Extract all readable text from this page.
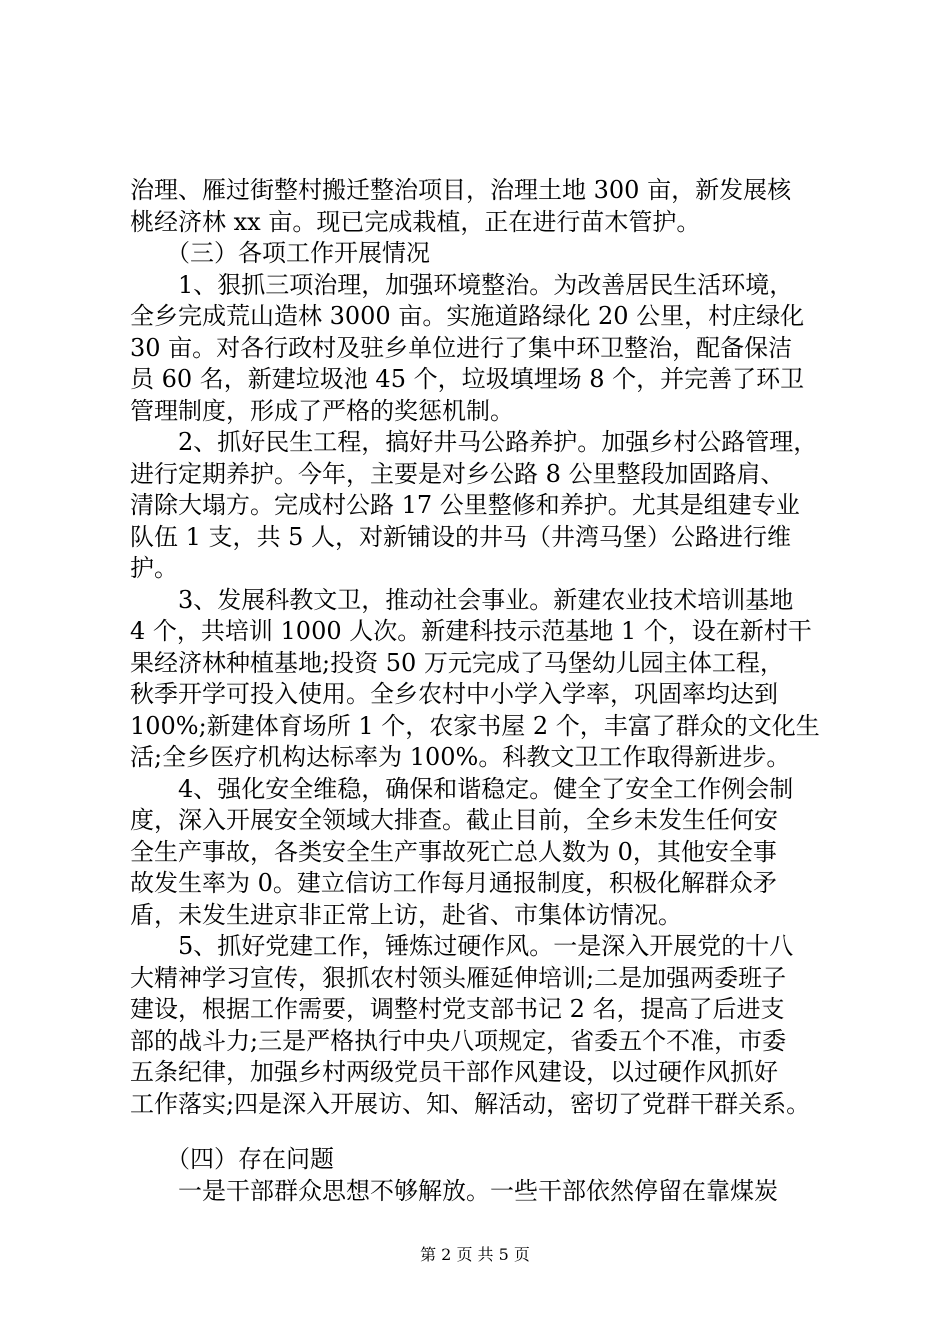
治理、雁过街整村搬迁整治项目，治理土地 300 亩，新发展核
桃经济林 xx 亩。现已完成栽植，正在进行苗木管护。
　　（三）各项工作开展情况
　　1、狠抓三项治理，加强环境整治。为改善居民生活环境，
全乡完成荒山造林 3000 亩。实施道路绿化 20 公里，村庄绿化
30 亩。对各行政村及驻乡单位进行了集中环卫整治，配备保洁
员 60 名，新建垃圾池 45 个，垃圾填埋场 8 个，并完善了环卫
管理制度，形成了严格的奖惩机制。
　　2、抓好民生工程，搞好井马公路养护。加强乡村公路管理，
进行定期养护。今年，主要是对乡公路 8 公里整段加固路肩、
清除大塌方。完成村公路 17 公里整修和养护。尤其是组建专业
队伍 1 支，共 5 人，对新铺设的井马（井湾马堡）公路进行维
护。
　　3、发展科教文卫，推动社会事业。新建农业技术培训基地
4 个，共培训 1000 人次。新建科技示范基地 1 个，设在新村干
果经济林种植基地;投资 50 万元完成了马堡幼儿园主体工程，
秋季开学可投入使用。全乡农村中小学入学率，巩固率均达到
100%;新建体育场所 1 个，农家书屋 2 个，丰富了群众的文化生
活;全乡医疗机构达标率为 100%。科教文卫工作取得新进步。
　　4、强化安全维稳，确保和谐稳定。健全了安全工作例会制
度，深入开展安全领域大排查。截止目前，全乡未发生任何安
全生产事故，各类安全生产事故死亡总人数为 0，其他安全事
故发生率为 0。建立信访工作每月通报制度，积极化解群众矛
盾，未发生进京非正常上访，赴省、市集体访情况。
　　5、抓好党建工作，锤炼过硬作风。一是深入开展党的十八
大精神学习宣传，狠抓农村领头雁延伸培训;二是加强两委班子
建设，根据工作需要，调整村党支部书记 2 名，提高了后进支
部的战斗力;三是严格执行中央八项规定，省委五个不准，市委
五条纪律，加强乡村两级党员干部作风建设，以过硬作风抓好
工作落实;四是深入开展访、知、解活动，密切了党群干群关系。
　　（四）存在问题
　　一是干部群众思想不够解放。一些干部依然停留在靠煤炭
第 2 页 共 5 页
